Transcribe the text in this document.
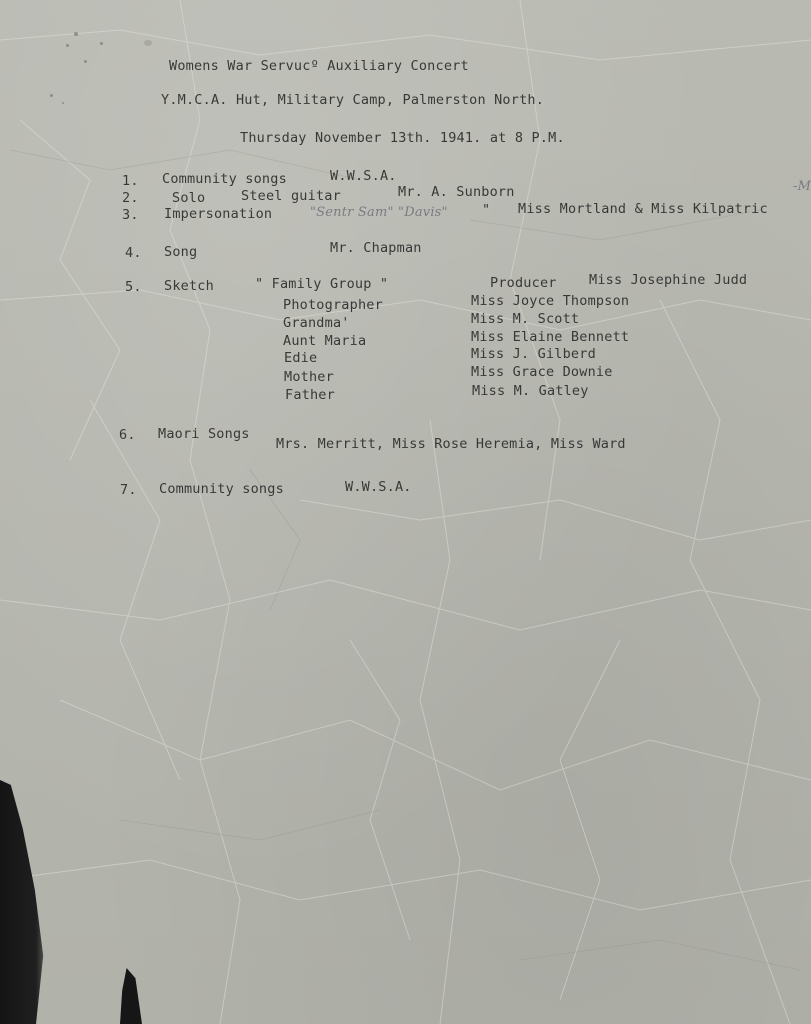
Womens War Servucº Auxiliary Concert
Y.M.C.A. Hut, Military Camp, Palmerston North.
Thursday November 13th. 1941. at 8 P.M.
1. Community songs	W.W.S.A.
2. Solo	Steel guitar	Mr. A. Sunborn
3. Impersonation	"Sentr Sam" "Davis"	" Miss Mortland & Miss Kilpatric
-M
4. Song	Mr. Chapman
5. Sketch	" Family Group "	Producer Miss Josephine Judd
Photographer	Miss Joyce Thompson
Grandma'	Miss M. Scott
Aunt Maria	Miss Elaine Bennett
Edie	Miss J. Gilberd
Mother	Miss Grace Downie
Father	Miss M. Gatley
6. Maori Songs
Mrs. Merritt, Miss Rose Heremia, Miss Ward
7. Community songs	W.W.S.A.
